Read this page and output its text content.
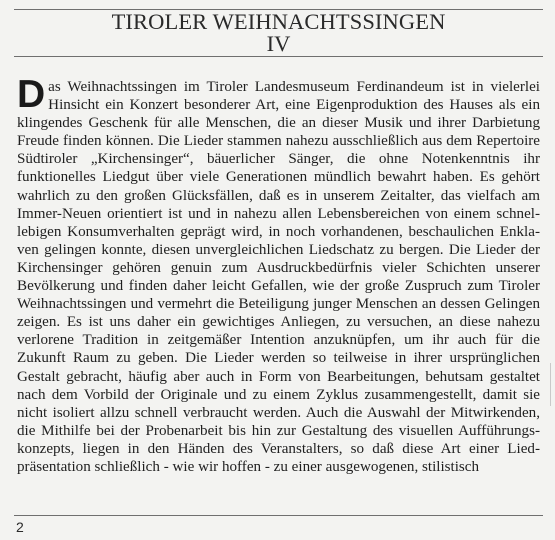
TIROLER WEIHNACHTSSINGEN
IV
D as Weihnachtssingen im Tiroler Landesmuseum Ferdinandeum ist in vielerlei Hinsicht ein Konzert besonderer Art, eine Eigenproduktion des Hauses als ein klingendes Geschenk für alle Menschen, die an dieser Musik und ihrer Darbietung Freude finden können. Die Lieder stammen nahezu ausschließlich aus dem Repertoire Südtiroler „Kirchensinger“, bäuerlicher Sänger, die ohne Notenkenntnis ihr funktionelles Liedgut über viele Generationen mündlich bewahrt haben. Es gehört wahrlich zu den großen Glücksfällen, daß es in unserem Zeitalter, das vielfach am Immer-Neuen orientiert ist und in nahezu allen Lebensbereichen von einem schnellebigen Konsumverhalten geprägt wird, in noch vorhandenen, beschaulichen Enklaven gelingen konnte, diesen unvergleichlichen Liedschatz zu bergen. Die Lieder der Kirchensinger gehören genuin zum Ausdruckbedürfnis vieler Schichten unserer Bevölkerung und finden daher leicht Gefallen, wie der große Zuspruch zum Tiroler Weihnachtssingen und vermehrt die Beteiligung junger Menschen an dessen Gelingen zeigen. Es ist uns daher ein gewichtiges Anliegen, zu versuchen, an diese nahezu verlorene Tradition in zeitgemäßer Intention anzuknüpfen, um ihr auch für die Zukunft Raum zu geben. Die Lieder werden so teilweise in ihrer ursprünglichen Gestalt gebracht, häufig aber auch in Form von Bearbeitungen, behutsam gestaltet nach dem Vorbild der Originale und zu einem Zyklus zusammengestellt, damit sie nicht isoliert allzu schnell verbraucht werden. Auch die Auswahl der Mitwirkenden, die Mithilfe bei der Probenarbeit bis hin zur Gestaltung des visuellen Aufführungskonzepts, liegen in den Händen des Veranstalters, so daß diese Art einer Liedpräsentation schließlich - wie wir hoffen - zu einer ausgewogenen, stilistisch
2
